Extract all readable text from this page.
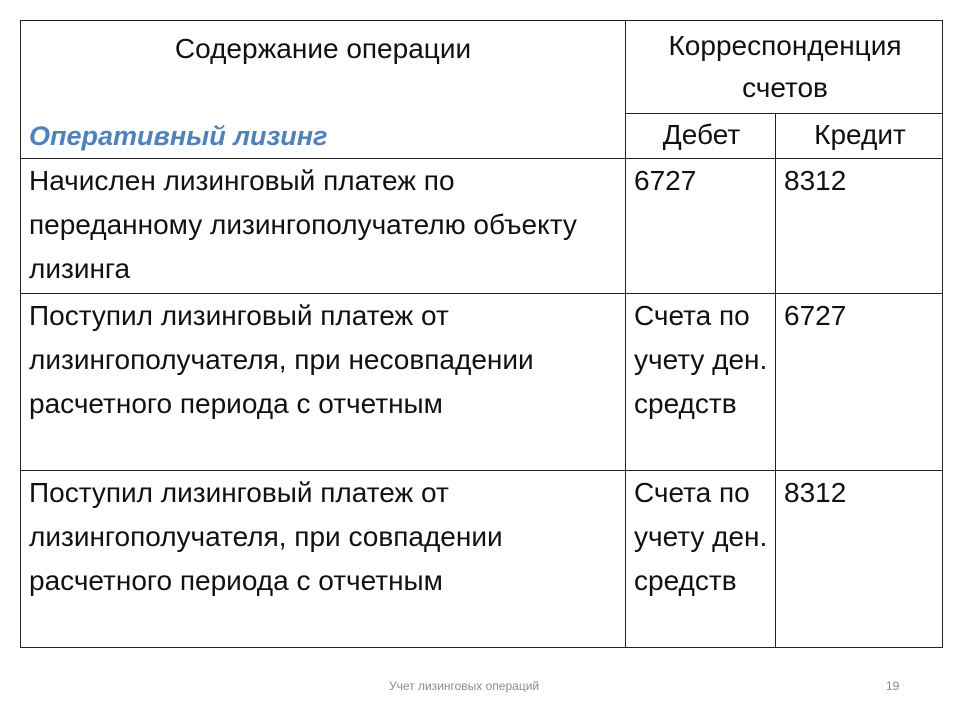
Содержание операции
Оперативный лизинг	Корреспонденция счетов	
	Дебет	Кредит
Начислен лизинговый платеж по переданному лизингополучателю объекту лизинга	6727	8312
Поступил лизинговый платеж от лизингополучателя, при несовпадении расчетного периода с отчетным	Счета по учету ден. средств	6727
Поступил лизинговый платеж от лизингополучателя, при совпадении расчетного периода с отчетным	Счета по учету ден. средств	8312
Учет лизинговых операций	19
